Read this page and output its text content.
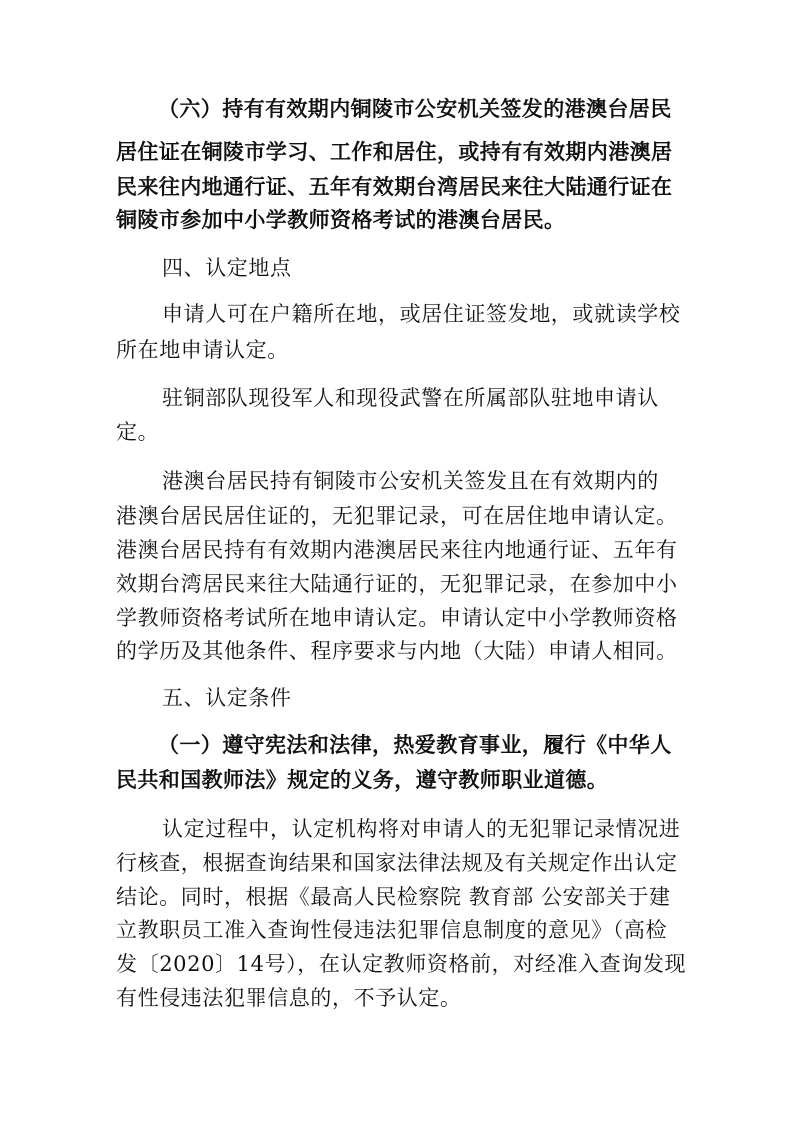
（六）持有有效期内铜陵市公安机关签发的港澳台居民
居住证在铜陵市学习、工作和居住，或持有有效期内港澳居
民来往内地通行证、五年有效期台湾居民来往大陆通行证在
铜陵市参加中小学教师资格考试的港澳台居民。
四、认定地点
申请人可在户籍所在地，或居住证签发地，或就读学校
所在地申请认定。
驻铜部队现役军人和现役武警在所属部队驻地申请认
定。
港澳台居民持有铜陵市公安机关签发且在有效期内的
港澳台居民居住证的，无犯罪记录，可在居住地申请认定。
港澳台居民持有有效期内港澳居民来往内地通行证、五年有
效期台湾居民来往大陆通行证的，无犯罪记录，在参加中小
学教师资格考试所在地申请认定。申请认定中小学教师资格
的学历及其他条件、程序要求与内地（大陆）申请人相同。
五、认定条件
（一）遵守宪法和法律，热爱教育事业，履行《中华人
民共和国教师法》规定的义务，遵守教师职业道德。
认定过程中，认定机构将对申请人的无犯罪记录情况进
行核查，根据查询结果和国家法律法规及有关规定作出认定
结论。同时，根据《最高人民检察院 教育部 公安部关于建
立教职员工准入查询性侵违法犯罪信息制度的意见》（高检
发〔2020〕14号），在认定教师资格前，对经准入查询发现
有性侵违法犯罪信息的，不予认定。
